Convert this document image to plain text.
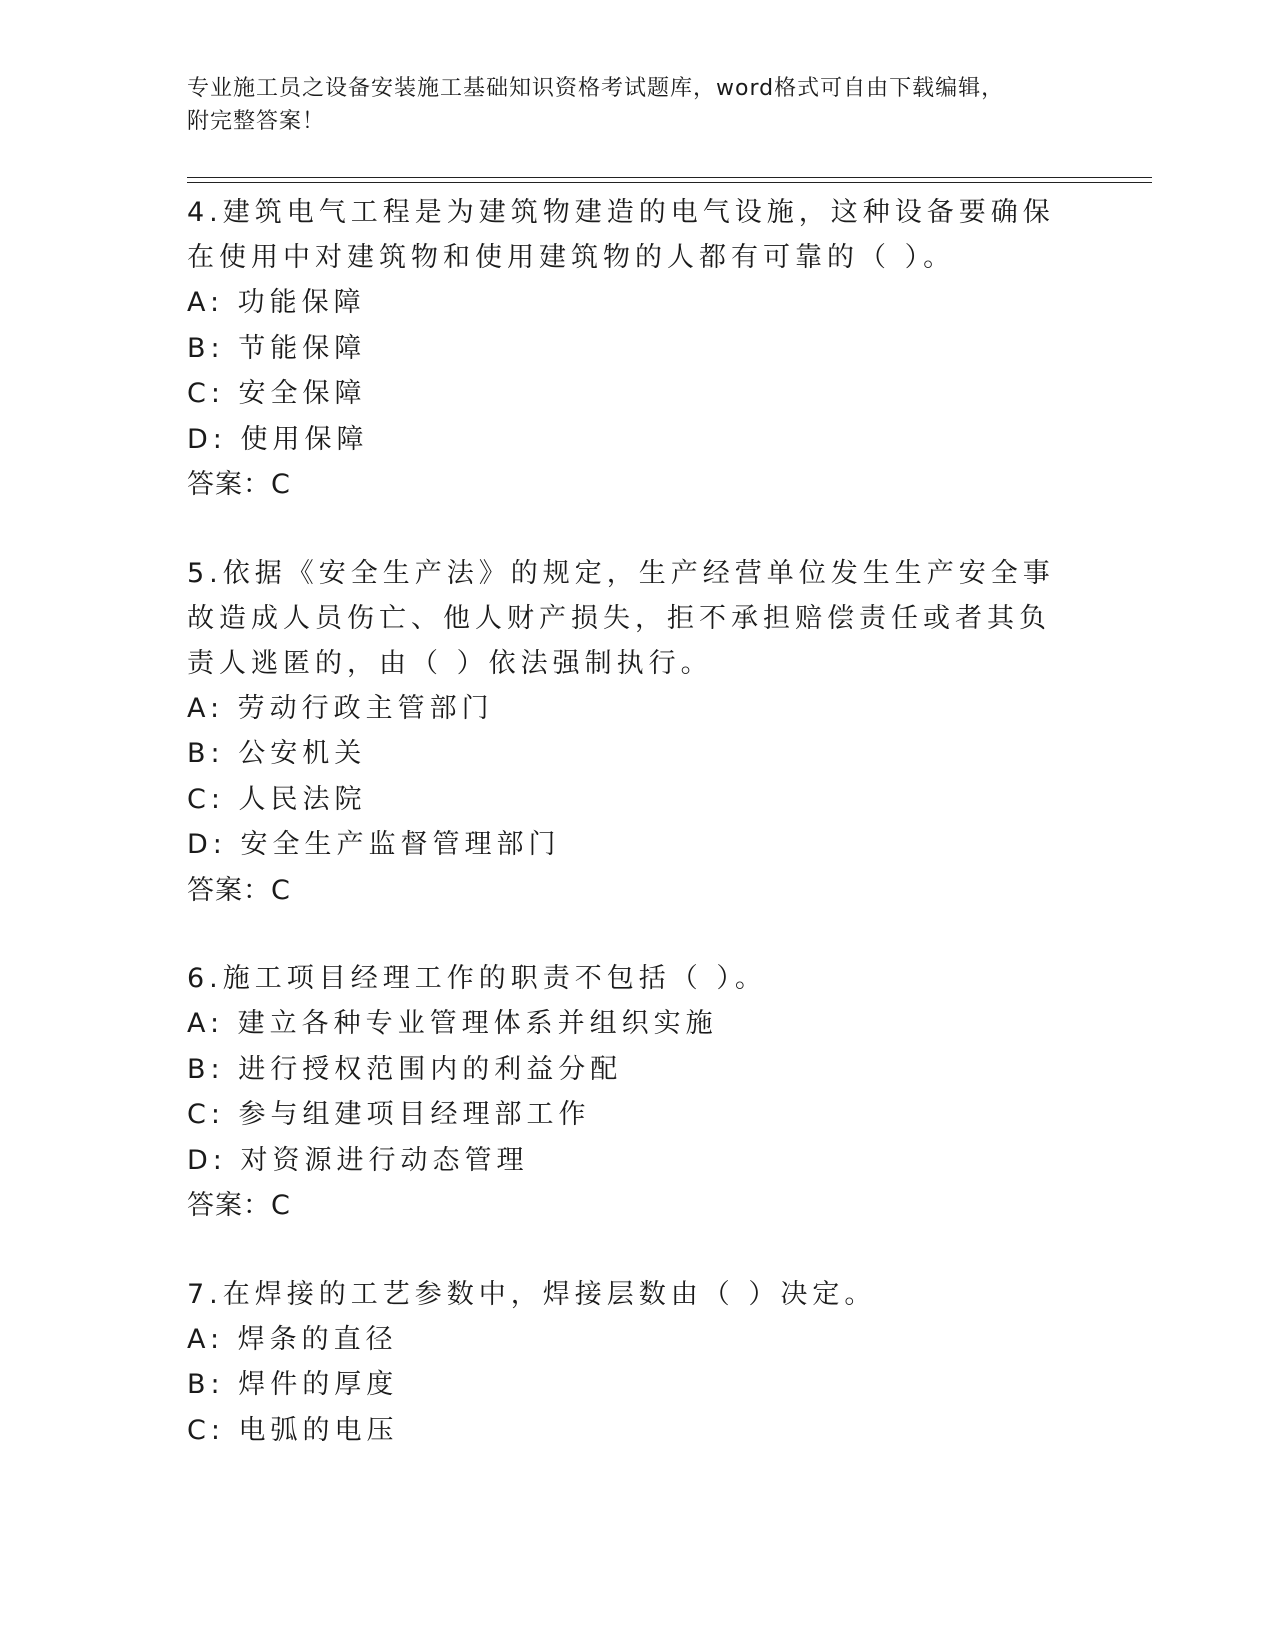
专业施工员之设备安装施工基础知识资格考试题库，word格式可自由下载编辑，
附完整答案！
4.建筑电气工程是为建筑物建造的电气设施，这种设备要确保在使用中对建筑物和使用建筑物的人都有可靠的（ ）。
A: 功能保障
B: 节能保障
C: 安全保障
D: 使用保障
答案：C
5.依据《安全生产法》的规定，生产经营单位发生生产安全事故造成人员伤亡、他人财产损失，拒不承担赔偿责任或者其负责人逃匿的，由（ ）依法强制执行。
A: 劳动行政主管部门
B: 公安机关
C: 人民法院
D: 安全生产监督管理部门
答案：C
6.施工项目经理工作的职责不包括（ ）。
A: 建立各种专业管理体系并组织实施
B: 进行授权范围内的利益分配
C: 参与组建项目经理部工作
D: 对资源进行动态管理
答案：C
7.在焊接的工艺参数中，焊接层数由（ ）决定。
A: 焊条的直径
B: 焊件的厚度
C: 电弧的电压
